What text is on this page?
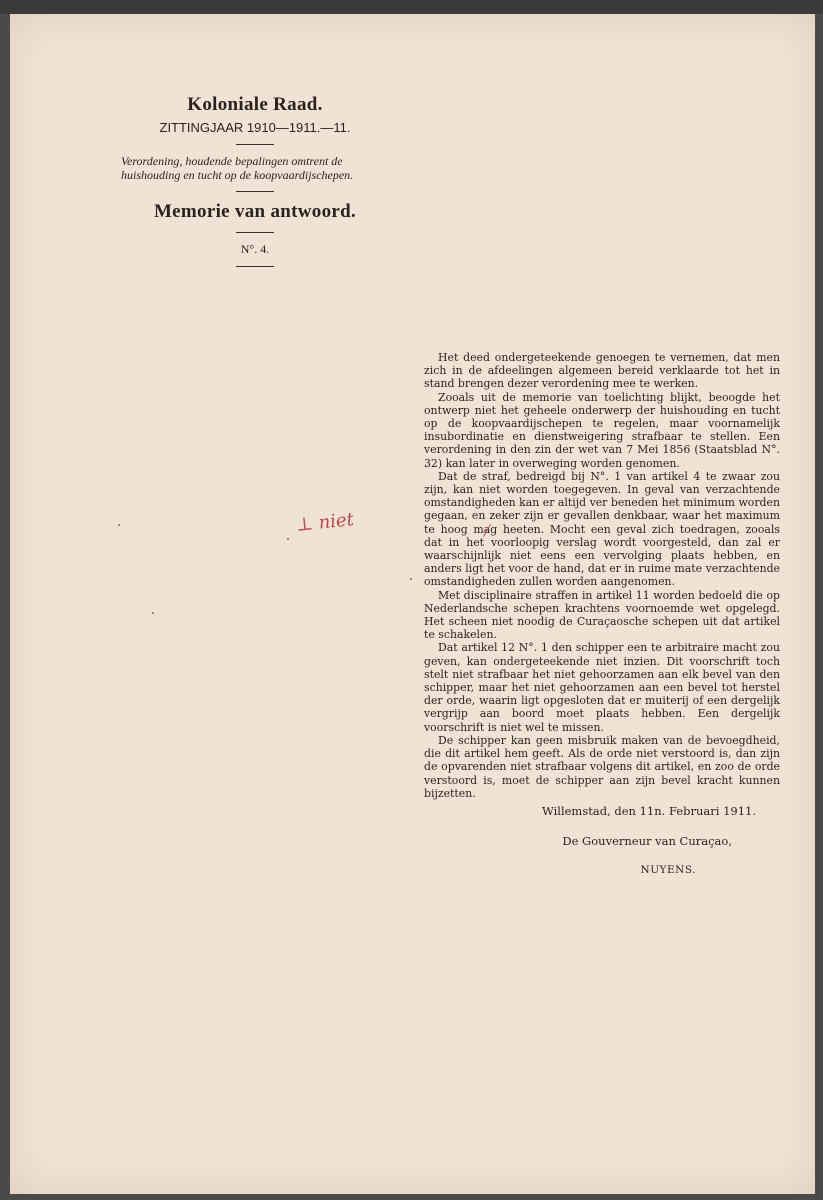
Koloniale Raad.
ZITTINGJAAR 1910—1911.—11.
Verordening, houdende bepalingen omtrent de huishouding en tucht op de koopvaardijschepen.
Memorie van antwoord.
N°. 4.

Het deed ondergeteekende genoegen te vernemen, dat men zich in de afdeelingen algemeen bereid verklaarde tot het in stand brengen dezer verordening mee te werken.

Zooals uit de memorie van toelichting blijkt, beoogde het ontwerp niet het geheele onderwerp der huishouding en tucht op de koopvaardijschepen te regelen, maar voornamelijk insubordinatie en dienstweigering strafbaar te stellen. Een verordening in den zin der wet van 7 Mei 1856 (Staatsblad N°. 32) kan later in overweging worden genomen.

Dat de straf, bedreigd bij N°. 1 van artikel 4 te zwaar zou zijn, kan niet worden toegegeven. In geval van verzachtende omstandigheden kan er altijd ver beneden het minimum worden gegaan, en zeker zijn er gevallen denkbaar, waar het maximum te hoog mag heeten. Mocht een geval zich toedragen, zooals dat in het voorloopig verslag wordt voorgesteld, dan zal er waarschijnlijk niet eens een vervolging plaats hebben, en anders ligt het voor de hand, dat er in ruime mate verzachtende omstandigheden zullen worden aangenomen.

Met disciplinaire straffen in artikel 11 worden bedoeld die op Nederlandsche schepen krachtens voornoemde wet opgelegd. Het scheen niet noodig de Curaçaosche schepen uit dat artikel te schakelen.

Dat artikel 12 N°. 1 den schipper een te arbitraire macht zou geven, kan ondergeteekende niet inzien. Dit voorschrift toch stelt niet strafbaar het niet gehoorzamen aan elk bevel van den schipper, maar het niet gehoorzamen aan een bevel tot herstel der orde, waarin ligt opgesloten dat er muiterij of een dergelijk vergrijp aan boord moet plaats hebben. Een dergelijk voorschrift is niet wel te missen.

De schipper kan geen misbruik maken van de bevoegdheid, die dit artikel hem geeft. Als de orde niet verstoord is, dan zijn de opvarenden niet strafbaar volgens dit artikel, en zoo de orde verstoord is, moet de schipper aan zijn bevel kracht kunnen bijzetten.

⊥ niet
Willemstad, den 11n. Februari 1911.
De Gouverneur van Curaçao,
NUYENS.
